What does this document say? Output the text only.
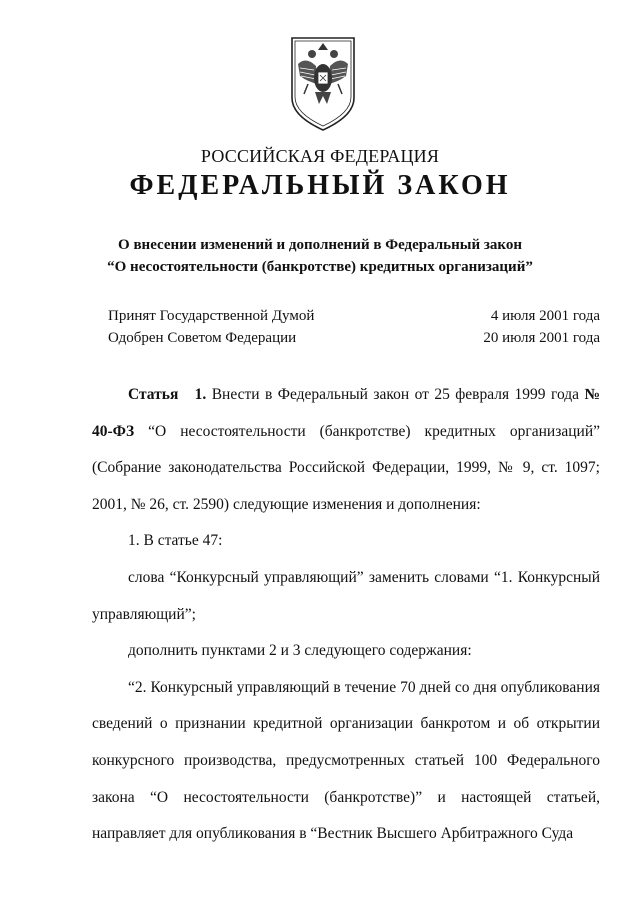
РОССИЙСКАЯ ФЕДЕРАЦИЯ
ФЕДЕРАЛЬНЫЙ ЗАКОН
О внесении изменений и дополнений в Федеральный закон
“О несостоятельности (банкротстве) кредитных организаций”
Принят Государственной Думой	4 июля 2001 года
Одобрен Советом Федерации	20 июля 2001 года

Статья 1. Внести в Федеральный закон от 25 февраля 1999 года № 40-ФЗ “О несостоятельности (банкротстве) кредитных организаций” (Собрание законодательства Российской Федерации, 1999, № 9, ст. 1097; 2001, № 26, ст. 2590) следующие изменения и дополнения:

1. В статье 47:

слова “Конкурсный управляющий” заменить словами “1. Конкурсный управляющий”;

дополнить пунктами 2 и 3 следующего содержания:

“2. Конкурсный управляющий в течение 70 дней со дня опубликования сведений о признании кредитной организации банкротом и об открытии конкурсного производства, предусмотренных статьей 100 Федерального закона “О несостоятельности (банкротстве)” и настоящей статьей, направляет для опубликования в “Вестник Высшего Арбитражного Суда
